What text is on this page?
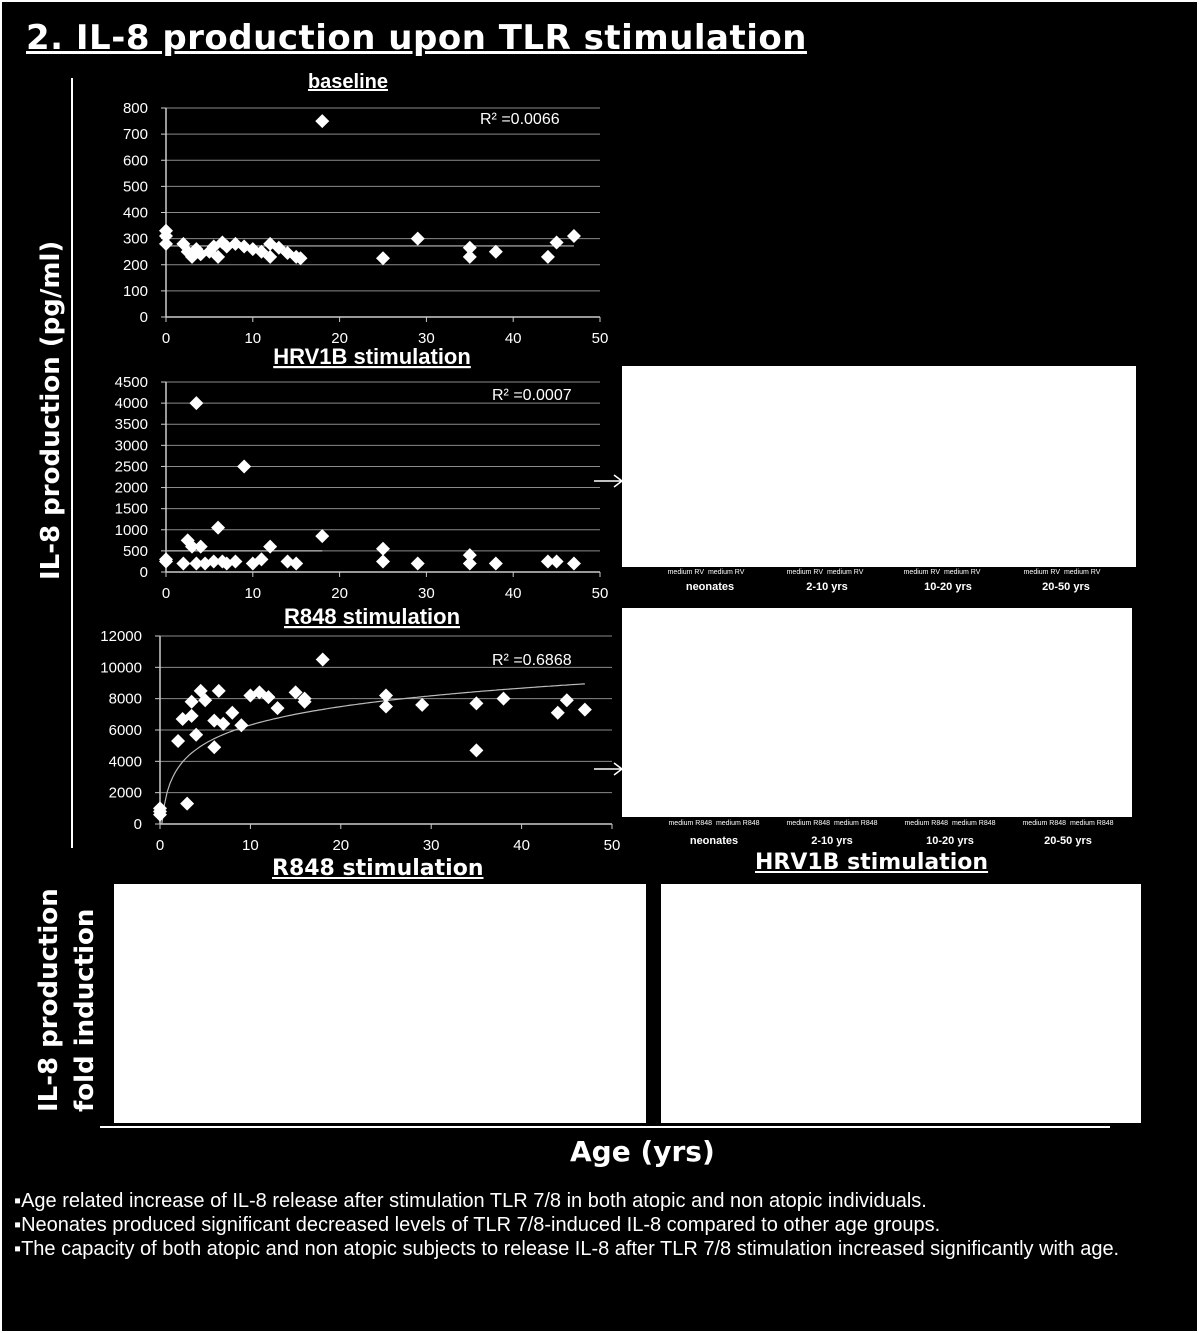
2. IL-8 production upon TLR stimulation
IL-8 production (pg/ml)
IL-8 production fold induction
baseline
0
100
200
300
400
500
600
700
800
0	10	20	30	40	50
R² =0.0066
HRV1B stimulation
0
500
1000
1500
2000
2500
3000
3500
4000
4500
0	10	20	30	40	50
R² =0.0007
R848 stimulation
0
2000
4000
6000
8000
10000
12000
0	10	20	30	40	50
R² =0.6868
medium RV medium RV	medium RV medium RV	medium RV medium RV	medium RV medium RV
neonates	2-10 yrs	10-20 yrs	20-50 yrs
medium R848 medium R848	medium R848 medium R848	medium R848 medium R848	medium R848 medium R848
neonates	2-10 yrs	10-20 yrs	20-50 yrs
R848 stimulation	HRV1B stimulation
Age (yrs)

▪Age related increase of IL-8 release after stimulation TLR 7/8 in both atopic and non atopic individuals.

▪Neonates produced significant decreased levels of TLR 7/8-induced IL-8 compared to other age groups.

▪The capacity of both atopic and non atopic subjects to release IL-8 after TLR 7/8 stimulation increased significantly with age.
